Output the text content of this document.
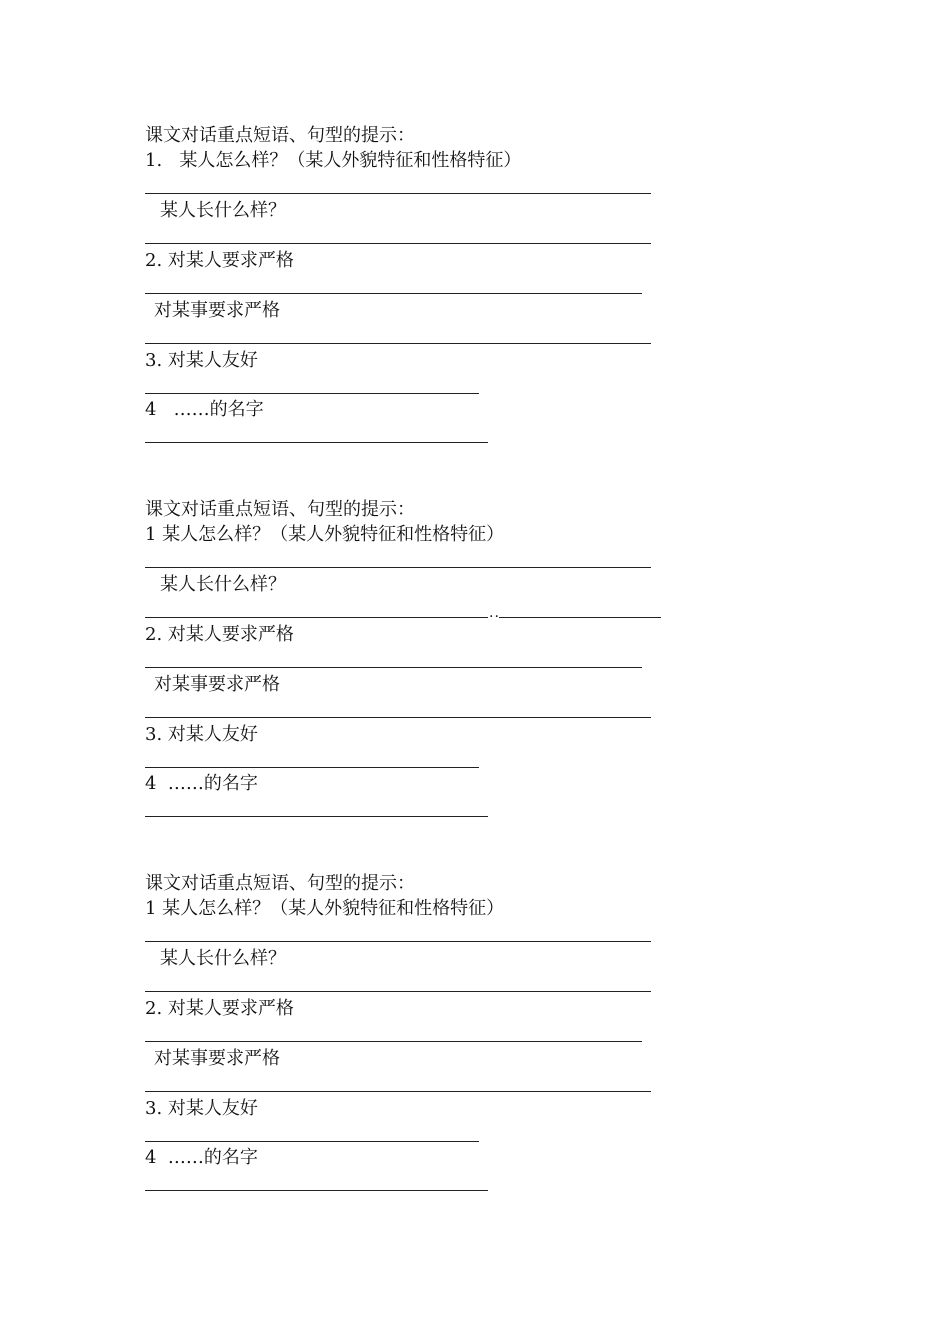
课文对话重点短语、句型的提示：
1.   某人怎么样？（某人外貌特征和性格特征）
某人长什么样？
2. 对某人要求严格
对某事要求严格
3. 对某人友好
4   ……的名字
课文对话重点短语、句型的提示：
1 某人怎么样？（某人外貌特征和性格特征）
某人长什么样？
..
2. 对某人要求严格
对某事要求严格
3. 对某人友好
4  ……的名字
课文对话重点短语、句型的提示：
1 某人怎么样？（某人外貌特征和性格特征）
某人长什么样？
2. 对某人要求严格
对某事要求严格
3. 对某人友好
4  ……的名字
